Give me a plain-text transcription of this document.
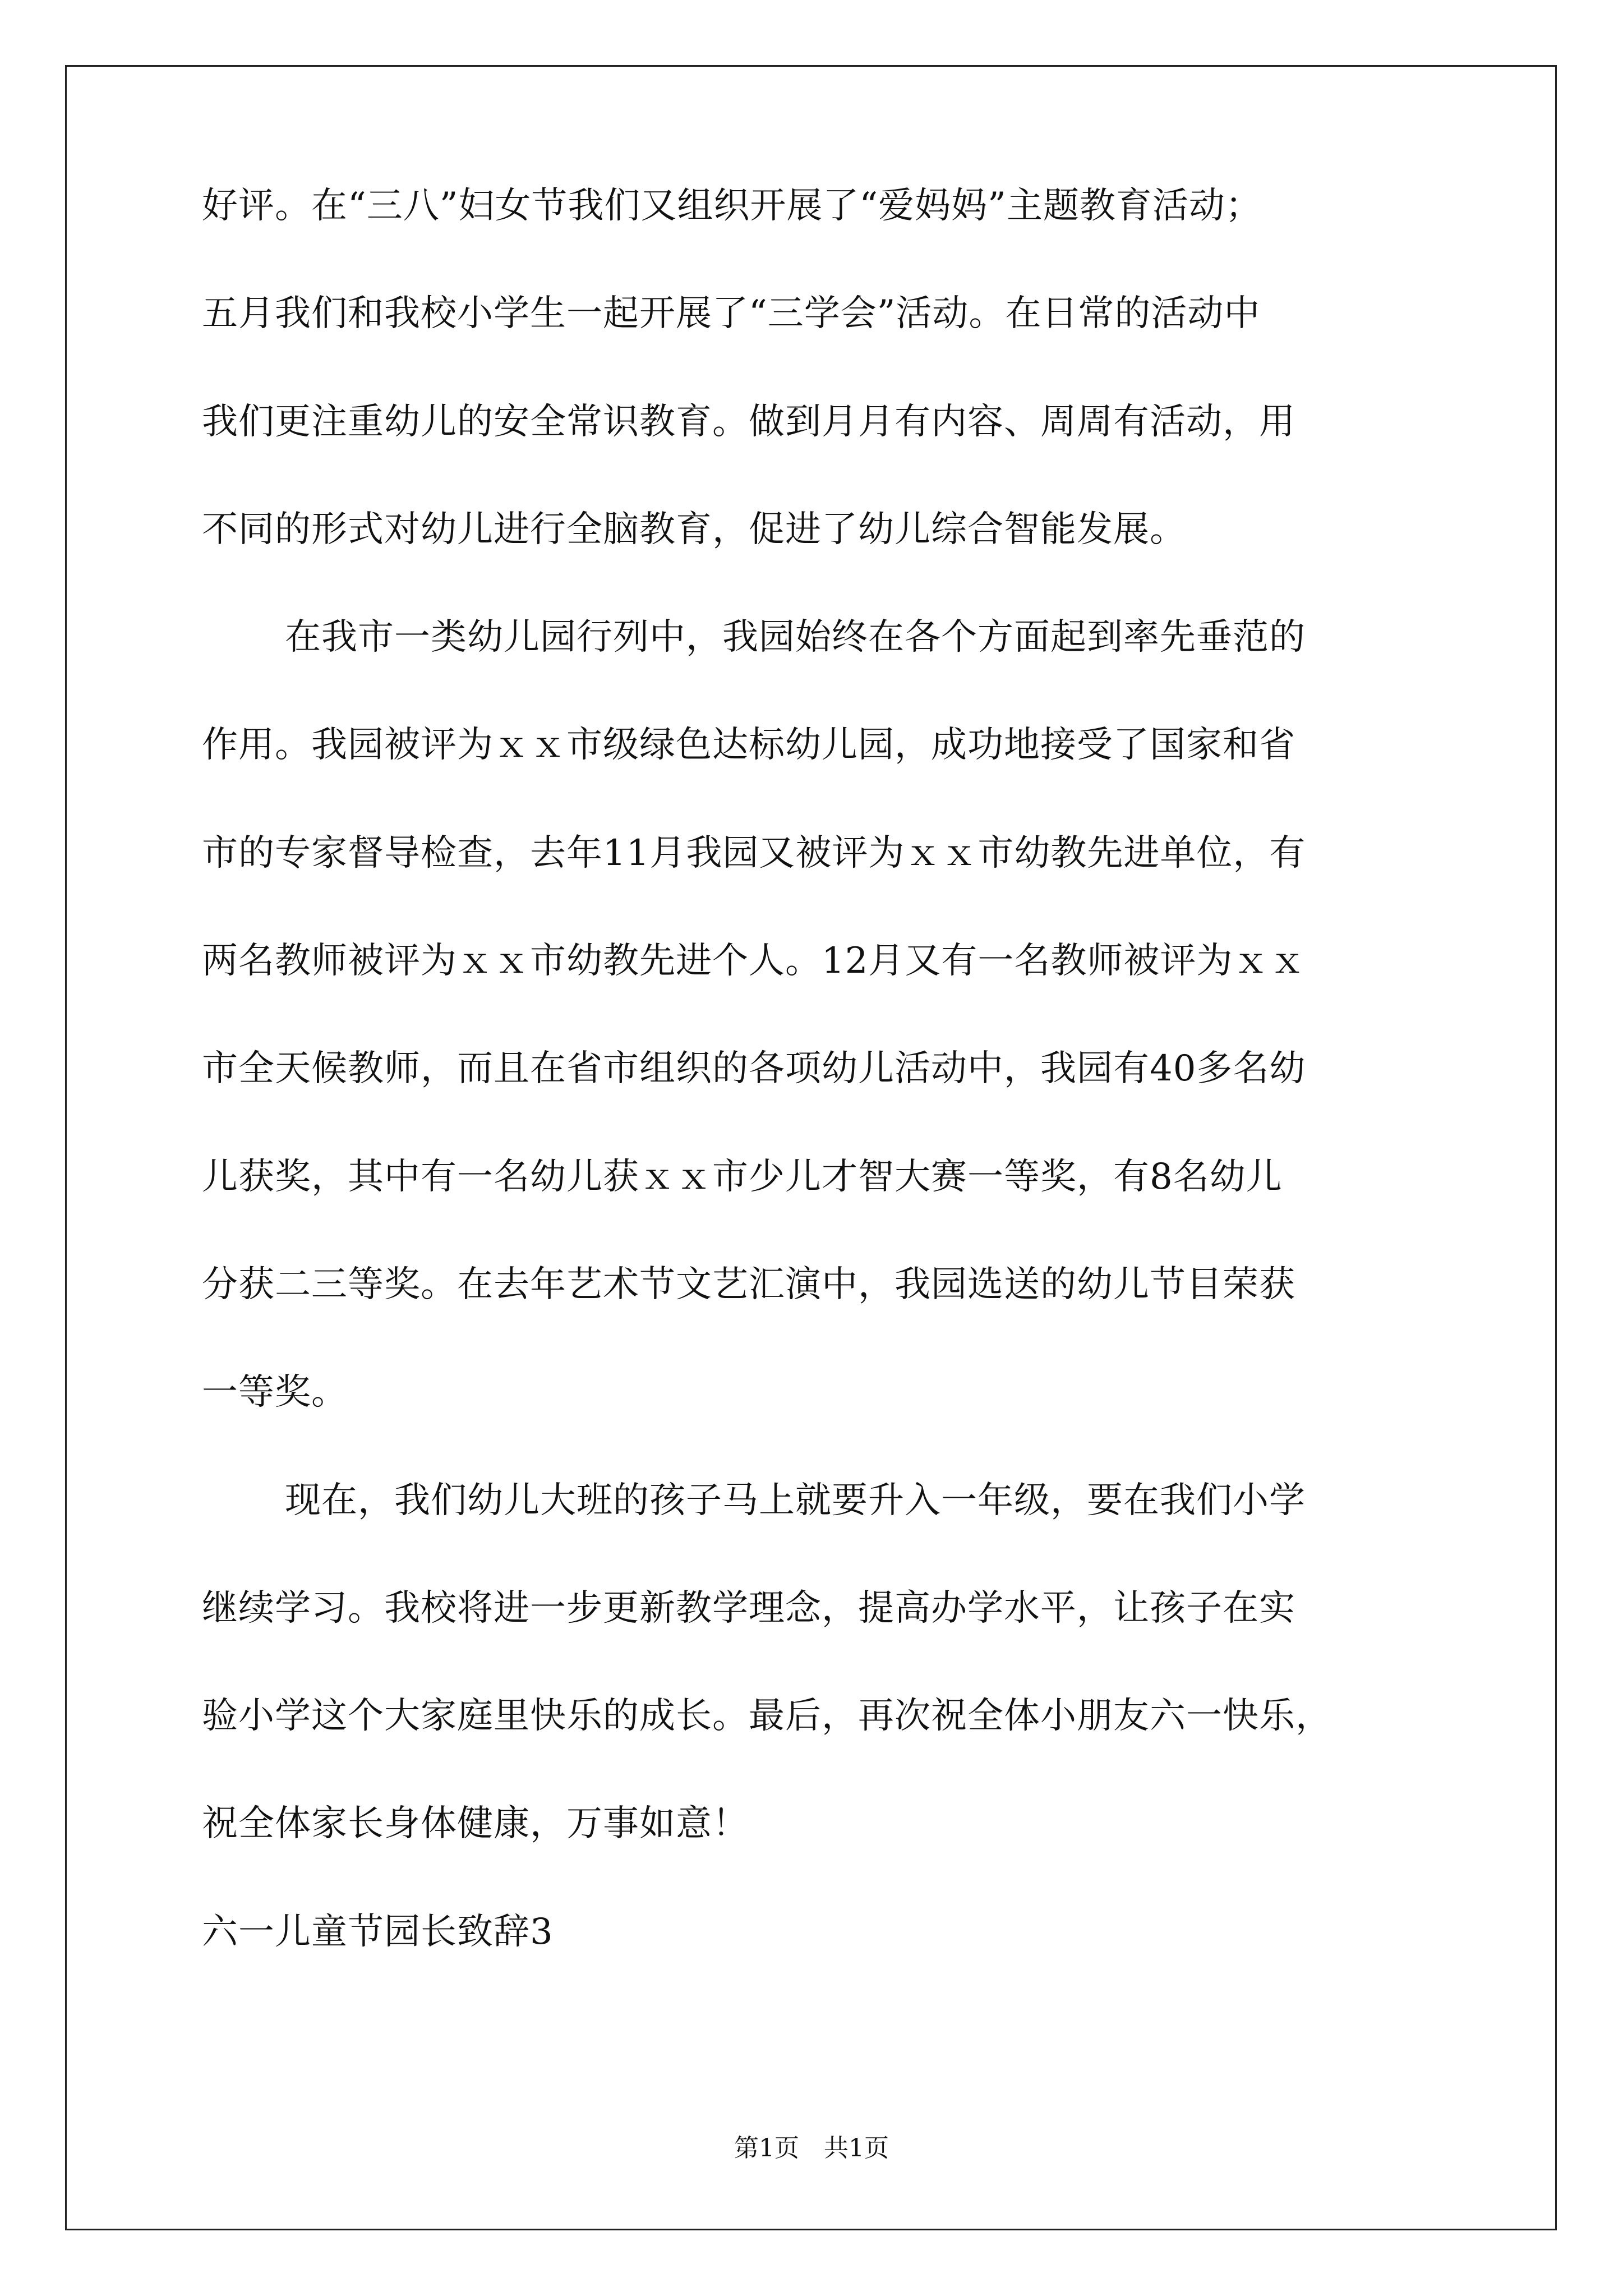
好评。在“三八”妇女节我们又组织开展了“爱妈妈”主题教育活动；
五月我们和我校小学生一起开展了“三学会”活动。在日常的活动中
我们更注重幼儿的安全常识教育。做到月月有内容、周周有活动，用
不同的形式对幼儿进行全脑教育，促进了幼儿综合智能发展。
在我市一类幼儿园行列中，我园始终在各个方面起到率先垂范的
作用。我园被评为ｘｘ市级绿色达标幼儿园，成功地接受了国家和省
市的专家督导检查，去年11月我园又被评为ｘｘ市幼教先进单位，有
两名教师被评为ｘｘ市幼教先进个人。12月又有一名教师被评为ｘｘ
市全天候教师，而且在省市组织的各项幼儿活动中，我园有40多名幼
儿获奖，其中有一名幼儿获ｘｘ市少儿才智大赛一等奖，有8名幼儿
分获二三等奖。在去年艺术节文艺汇演中，我园选送的幼儿节目荣获
一等奖。
现在，我们幼儿大班的孩子马上就要升入一年级，要在我们小学
继续学习。我校将进一步更新教学理念，提高办学水平，让孩子在实
验小学这个大家庭里快乐的成长。最后，再次祝全体小朋友六一快乐，
祝全体家长身体健康，万事如意！
六一儿童节园长致辞3
第1页　共1页
